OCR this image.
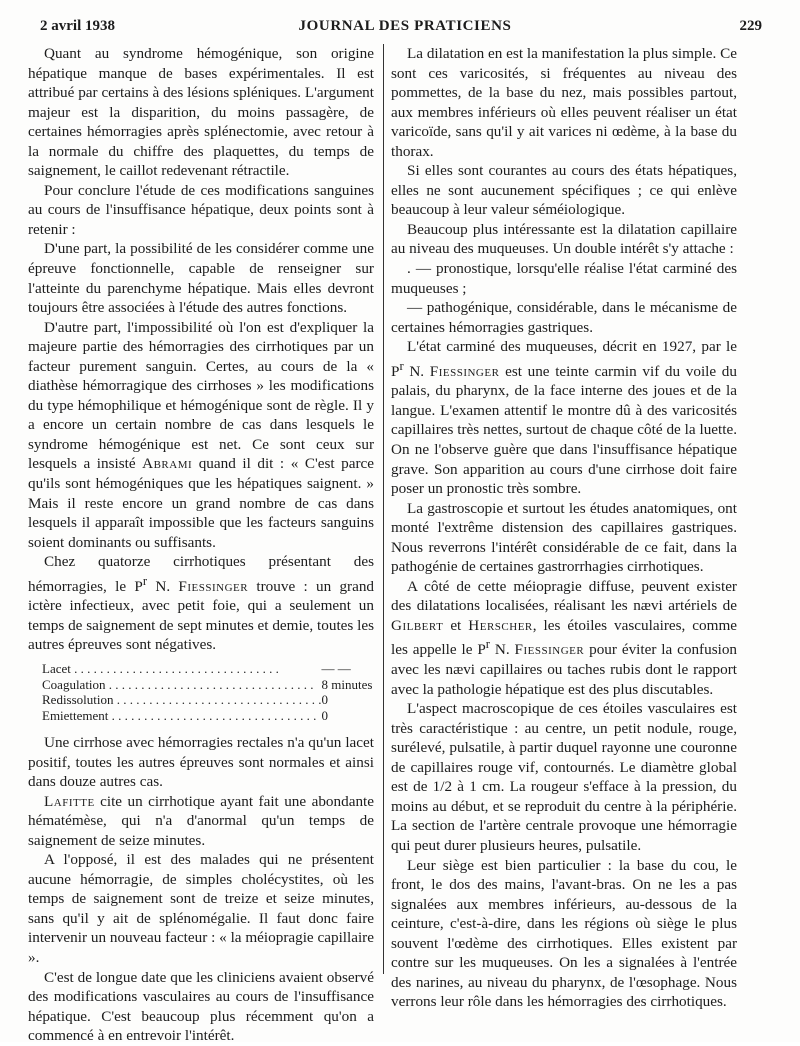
2 avril 1938	JOURNAL DES PRATICIENS	229

Quant au syndrome hémogénique, son origine hépatique manque de bases expérimentales. Il est attribué par certains à des lésions spléniques. L'argument majeur est la disparition, du moins passagère, de certaines hémorragies après splénectomie, avec retour à la normale du chiffre des plaquettes, du temps de saignement, le caillot redevenant rétractile.

Pour conclure l'étude de ces modifications sanguines au cours de l'insuffisance hépatique, deux points sont à retenir :

D'une part, la possibilité de les considérer comme une épreuve fonctionnelle, capable de renseigner sur l'atteinte du parenchyme hépatique. Mais elles devront toujours être associées à l'étude des autres fonctions.

D'autre part, l'impossibilité où l'on est d'expliquer la majeure partie des hémorragies des cirrhotiques par un facteur purement sanguin. Certes, au cours de la « diathèse hémorragique des cirrhoses » les modifications du type hémophilique et hémogénique sont de règle. Il y a encore un certain nombre de cas dans lesquels le syndrome hémogénique est net. Ce sont ceux sur lesquels a insisté Abrami quand il dit : « C'est parce qu'ils sont hémogéniques que les hépatiques saignent. » Mais il reste encore un grand nombre de cas dans lesquels il apparaît impossible que les facteurs sanguins soient dominants ou suffisants.

Chez quatorze cirrhotiques présentant des hémorragies, le $P^r$ N. Fiessinger trouve : un grand ictère infectieux, avec petit foie, qui a seulement un temps de saignement de sept minutes et demie, toutes les autres épreuves sont négatives.

Lacet . . .	— —
Coagulation . . .	8 minutes
Redissolution . . .	0
Emiettement . . .	0

Une cirrhose avec hémorragies rectales n'a qu'un lacet positif, toutes les autres épreuves sont normales et ainsi dans douze autres cas.

Lafitte cite un cirrhotique ayant fait une abondante hématémèse, qui n'a d'anormal qu'un temps de saignement de seize minutes.

A l'opposé, il est des malades qui ne présentent aucune hémorragie, de simples cholécystites, où les temps de saignement sont de treize et seize minutes, sans qu'il y ait de splénomégalie. Il faut donc faire intervenir un nouveau facteur : « la méiopragie capillaire ».

C'est de longue date que les cliniciens avaient observé des modifications vasculaires au cours de l'insuffisance hépatique. C'est beaucoup plus récemment qu'on a commencé à en entrevoir l'intérêt.

La dilatation en est la manifestation la plus simple. Ce sont ces varicosités, si fréquentes au niveau des pommettes, de la base du nez, mais possibles partout, aux membres inférieurs où elles peuvent réaliser un état varicoïde, sans qu'il y ait varices ni œdème, à la base du thorax.

Si elles sont courantes au cours des états hépatiques, elles ne sont aucunement spécifiques ; ce qui enlève beaucoup à leur valeur séméiologique.

Beaucoup plus intéressante est la dilatation capillaire au niveau des muqueuses. Un double intérêt s'y attache :

. — pronostique, lorsqu'elle réalise l'état carminé des muqueuses ;

— pathogénique, considérable, dans le mécanisme de certaines hémorragies gastriques.

L'état carminé des muqueuses, décrit en 1927, par le $P^r$ N. Fiessinger est une teinte carmin vif du voile du palais, du pharynx, de la face interne des joues et de la langue. L'examen attentif le montre dû à des varicosités capillaires très nettes, surtout de chaque côté de la luette. On ne l'observe guère que dans l'insuffisance hépatique grave. Son apparition au cours d'une cirrhose doit faire poser un pronostic très sombre.

La gastroscopie et surtout les études anatomiques, ont monté l'extrême distension des capillaires gastriques. Nous reverrons l'intérêt considérable de ce fait, dans la pathogénie de certaines gastrorrhagies cirrhotiques.

A côté de cette méiopragie diffuse, peuvent exister des dilatations localisées, réalisant les nævi artériels de Gilbert et Herscher, les étoiles vasculaires, comme les appelle le $P^r$ N. Fiessinger pour éviter la confusion avec les nævi capillaires ou taches rubis dont le rapport avec la pathologie hépatique est des plus discutables.

L'aspect macroscopique de ces étoiles vasculaires est très caractéristique : au centre, un petit nodule, rouge, surélevé, pulsatile, à partir duquel rayonne une couronne de capillaires rouge vif, contournés. Le diamètre global est de 1/2 à 1 cm. La rougeur s'efface à la pression, du moins au début, et se reproduit du centre à la périphérie. La section de l'artère centrale provoque une hémorragie qui peut durer plusieurs heures, pulsatile.

Leur siège est bien particulier : la base du cou, le front, le dos des mains, l'avant-bras. On ne les a pas signalées aux membres inférieurs, au-dessous de la ceinture, c'est-à-dire, dans les régions où siège le plus souvent l'œdème des cirrhotiques. Elles existent par contre sur les muqueuses. On les a signalées à l'entrée des narines, au niveau du pharynx, de l'œsophage. Nous verrons leur rôle dans les hémorragies des cirrhotiques.
